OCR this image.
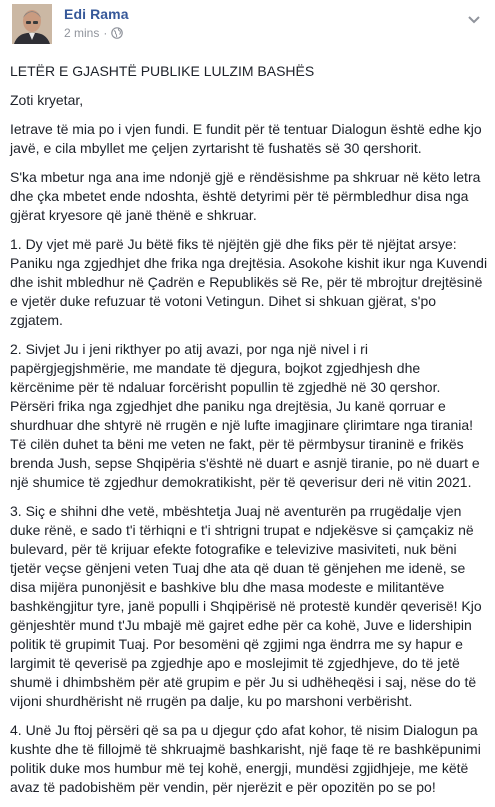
Edi Rama
2 mins ·

LETËR E GJASHTË PUBLIKE LULZIM BASHËS

Zoti kryetar,

Ietrave të mia po i vjen fundi. E fundit për të tentuar Dialogun është edhe kjo javë, e cila mbyllet me çeljen zyrtarisht të fushatës së 30 qershorit.

S'ka mbetur nga ana ime ndonjë gjë e rëndësishme pa shkruar në këto letra dhe çka mbetet ende ndoshta, është detyrimi për të përmbledhur disa nga gjërat kryesore që janë thënë e shkruar.

1. Dy vjet më parë Ju bëtë fiks të njëjtën gjë dhe fiks për të njëjtat arsye: Paniku nga zgjedhjet dhe frika nga drejtësia. Asokohe kishit ikur nga Kuvendi dhe ishit mbledhur në Çadrën e Republikës së Re, për të mbrojtur drejtësinë e vjetër duke refuzuar të votoni Vetingun. Dihet si shkuan gjërat, s'po zgjatem.

2. Sivjet Ju i jeni rikthyer po atij avazi, por nga një nivel i ri papërgjegjshmërie, me mandate të djegura, bojkot zgjedhjesh dhe kërcënime për të ndaluar forcërisht popullin të zgjedhë në 30 qershor. Përsëri frika nga zgjedhjet dhe paniku nga drejtësia, Ju kanë qorruar e shurdhuar dhe shtyrë në rrugën e një lufte imagjinare çlirimtare nga tirania! Të cilën duhet ta bëni me veten ne fakt, për të përmbysur tiraninë e frikës brenda Jush, sepse Shqipëria s'është në duart e asnjë tiranie, po në duart e një shumice të zgjedhur demokratikisht, për të qeverisur deri në vitin 2021.

3. Siç e shihni dhe vetë, mbështetja Juaj në aventurën pa rrugëdalje vjen duke rënë, e sado t'i tërhiqni e t'i shtrigni trupat e ndjekësve si çamçakiz në bulevard, për të krijuar efekte fotografike e televizive masiviteti, nuk bëni tjetër veçse gënjeni veten Tuaj dhe ata që duan të gënjehen me idenë, se disa mijëra punonjësit e bashkive blu dhe masa modeste e militantëve bashkëngjitur tyre, janë populli i Shqipërisë në protestë kundër qeverisë! Kjo gënjeshtër mund t'Ju mbajë më gajret edhe për ca kohë, Juve e lidershipin politik të grupimit Tuaj. Por besomëni që zgjimi nga ëndrra me sy hapur e largimit të qeverisë pa zgjedhje apo e moslejimit të zgjedhjeve, do të jetë shumë i dhimbshëm për atë grupim e për Ju si udhëheqësi i saj, nëse do të vijoni shurdhërisht në rrugën pa dalje, ku po marshoni verbërisht.

4. Unë Ju ftoj përsëri që sa pa u djegur çdo afat kohor, të nisim Dialogun pa kushte dhe të fillojmë të shkruajmë bashkarisht, një faqe të re bashkëpunimi politik duke mos humbur më tej kohë, energji, mundësi zgjidhjeje, me këtë avaz të padobishëm për vendin, për njerëzit e për opozitën po se po!
